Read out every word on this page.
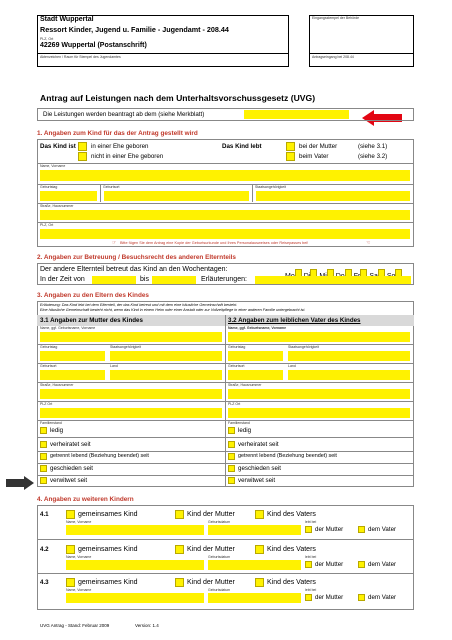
Stadt Wuppertal
Ressort Kinder, Jugend u. Familie - Jugendamt - 208.44
PLZ, Ort
42269 Wuppertal (Postanschrift)
Aktenzeichen / Raum für Stempel des Jugendamtes
Eingangsstempel der Behörde
Antragseingang bei 208.44
Antrag auf Leistungen nach dem Unterhaltsvorschussgesetz (UVG)
Die Leistungen werden beantragt ab dem (siehe Merkblatt)
1. Angaben zum Kind für das der Antrag gestellt wird
Das Kind ist in einer Ehe geboren
nicht in einer Ehe geboren
Das Kind lebt	bei der Mutter	(siehe 3.1)
beim Vater	(siehe 3.2)
Name, Vorname
Geburtstag	Geburtsort	Staatsangehörigkeit
Straße, Hausnummer
PLZ, Ort
☞ Bitte fügen Sie dem Antrag eine Kopie der Geburtsurkunde und Ihres Personalausweises oder Reisepasses bei!	☜
2. Angaben zur Betreuung / Besuchsrecht des anderen Elternteils
Der andere Elternteil betreut das Kind an den Wochentagen:
In der Zeit von	bis	Erläuterungen:
3. Angaben zu den Eltern des Kindes
Erläuterung: Das Kind lebt bei dem Elternteil, der das Kind betreut und mit dem eine häusliche Gemeinschaft besteht.
Eine häusliche Gemeinschaft besteht nicht, wenn das Kind in einem Heim oder einer Anstalt oder zur Vollzeitpflege in einer anderen Familie untergebracht ist.
3.1 Angaben zur Mutter des Kindes	3.2 Angaben zum leiblichen Vater des Kindes
Name, ggf. Geburtsname, Vorname	Name, ggf. Geburtsname, Vorname
Geburtstag	Staatsangehörigkeit	Geburtstag	Staatsangehörigkeit
Geburtsort	Land	Geburtsort	Land
Straße, Hausnummer	Straße, Hausnummer
PLZ Ort	PLZ Ort
Familienstand	Familienstand
ledig	ledig
verheiratet seit	verheiratet seit
getrennt lebend (Beziehung beendet) seit	getrennt lebend (Beziehung beendet) seit
geschieden seit	geschieden seit
verwitwet seit	verwitwet seit
4. Angaben zu weiteren Kindern
4.1	gemeinsames Kind	Kind der Mutter	Kind des Vaters
Name, Vorname	Geburtsdatum	lebt bei
der Mutter	dem Vater
4.2	gemeinsames Kind	Kind der Mutter	Kind des Vaters
Name, Vorname	Geburtsdatum	lebt bei
der Mutter	dem Vater
4.3	gemeinsames Kind	Kind der Mutter	Kind des Vaters
Name, Vorname	Geburtsdatum	lebt bei
der Mutter	dem Vater
UVG Antrag - Stand: Februar 2009	Version: 1.4
